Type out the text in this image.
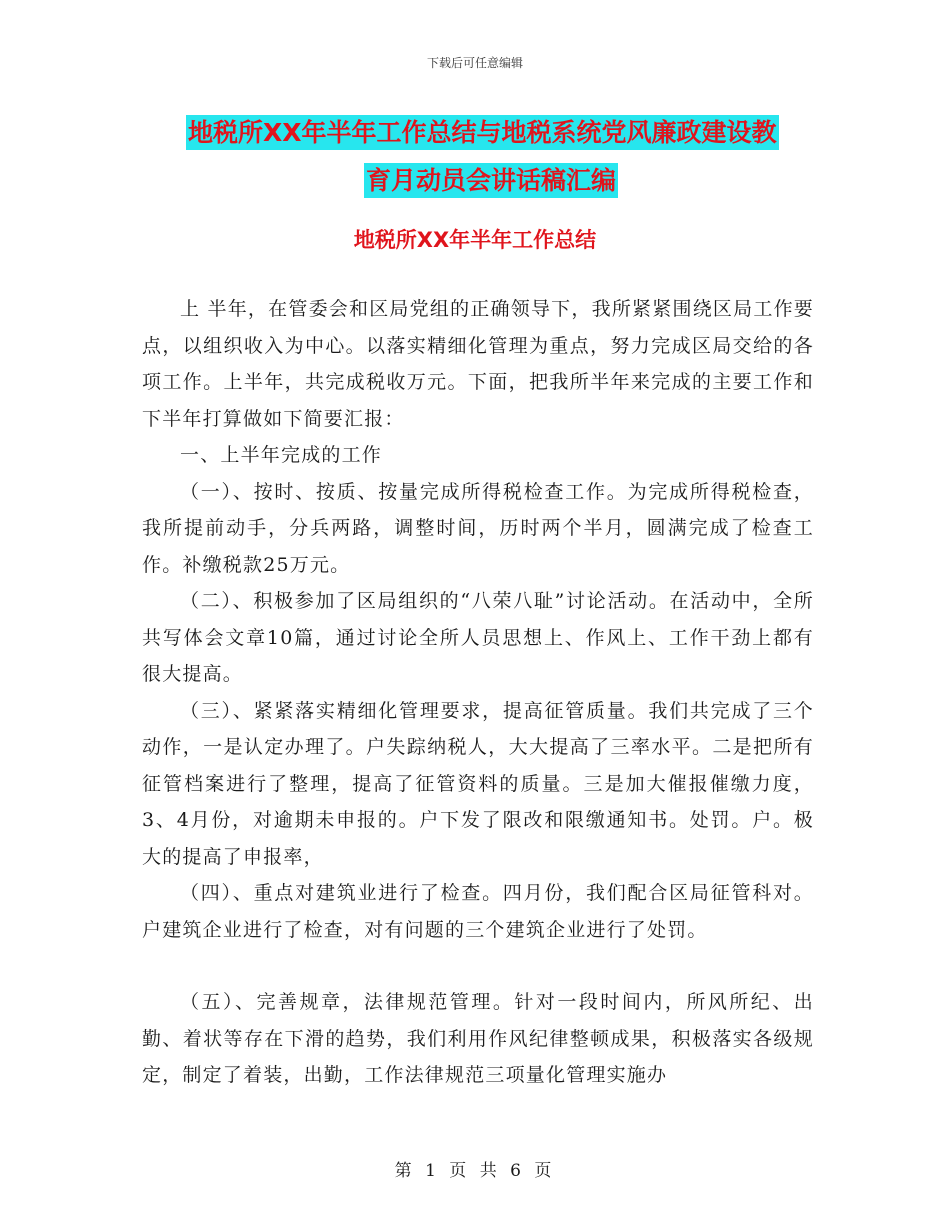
下载后可任意编辑
地税所XX年半年工作总结与地税系统党风廉政建设教
育月动员会讲话稿汇编
地税所XX年半年工作总结

上 半年，在管委会和区局党组的正确领导下，我所紧紧围绕区局工作要点，以组织收入为中心。以落实精细化管理为重点，努力完成区局交给的各项工作。上半年，共完成税收万元。下面，把我所半年来完成的主要工作和下半年打算做如下简要汇报：

一、上半年完成的工作

（一）、按时、按质、按量完成所得税检查工作。为完成所得税检查，我所提前动手，分兵两路，调整时间，历时两个半月，圆满完成了检查工作。补缴税款25万元。

（二）、积极参加了区局组织的“八荣八耻”讨论活动。在活动中，全所共写体会文章10篇，通过讨论全所人员思想上、作风上、工作干劲上都有很大提高。

（三）、紧紧落实精细化管理要求，提高征管质量。我们共完成了三个动作，一是认定办理了。户失踪纳税人，大大提高了三率水平。二是把所有征管档案进行了整理，提高了征管资料的质量。三是加大催报催缴力度，3、4月份，对逾期未申报的。户下发了限改和限缴通知书。处罚。户。极大的提高了申报率，

（四）、重点对建筑业进行了检查。四月份，我们配合区局征管科对。户建筑企业进行了检查，对有问题的三个建筑企业进行了处罚。

（五）、完善规章，法律规范管理。针对一段时间内，所风所纪、出勤、着状等存在下滑的趋势，我们利用作风纪律整顿成果，积极落实各级规定，制定了着装，出勤，工作法律规范三项量化管理实施办

第 1 页 共 6 页
